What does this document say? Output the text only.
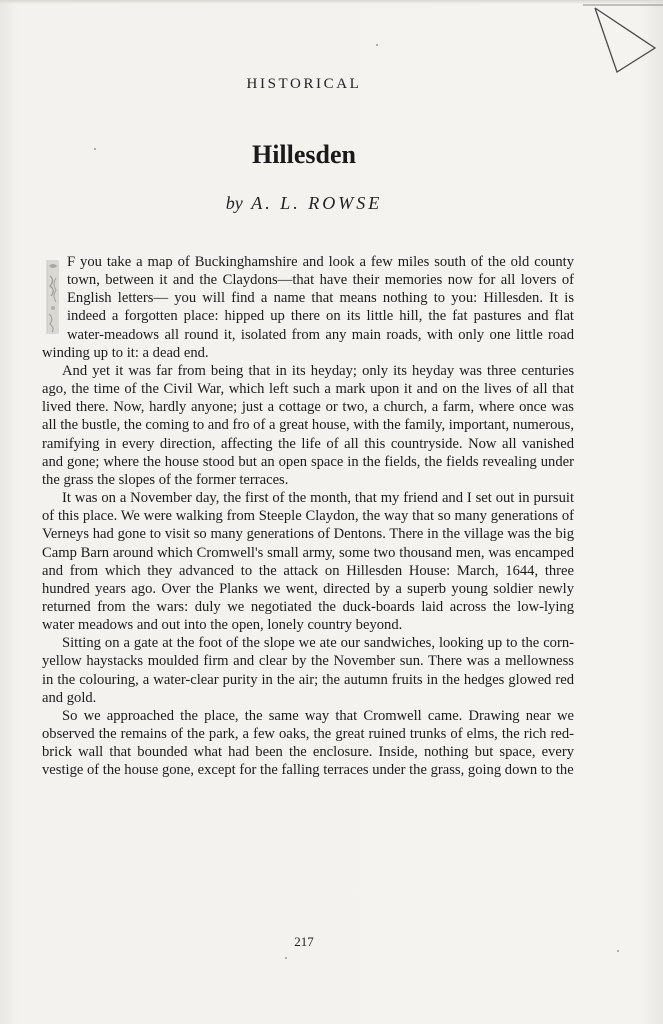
HISTORICAL
Hillesden
by A. L. ROWSE

F you take a map of Buckinghamshire and look a few miles south of the old county town, between it and the Claydons—that have their memories now for all lovers of English letters— you will find a name that means nothing to you: Hillesden. It is indeed a forgotten place: hipped up there on its little hill, the fat pastures and flat water-meadows all round it, isolated from any main roads, with only one little road winding up to it: a dead end.

And yet it was far from being that in its heyday; only its heyday was three centuries ago, the time of the Civil War, which left such a mark upon it and on the lives of all that lived there. Now, hardly anyone; just a cottage or two, a church, a farm, where once was all the bustle, the coming to and fro of a great house, with the family, important, numerous, ramifying in every direction, affecting the life of all this countryside. Now all vanished and gone; where the house stood but an open space in the fields, the fields revealing under the grass the slopes of the former terraces.

It was on a November day, the first of the month, that my friend and I set out in pursuit of this place. We were walking from Steeple Claydon, the way that so many generations of Verneys had gone to visit so many generations of Dentons. There in the village was the big Camp Barn around which Cromwell's small army, some two thousand men, was encamped and from which they advanced to the attack on Hillesden House: March, 1644, three hundred years ago. Over the Planks we went, directed by a superb young soldier newly returned from the wars: duly we negotiated the duck-boards laid across the low-lying water meadows and out into the open, lonely country beyond.

Sitting on a gate at the foot of the slope we ate our sandwiches, looking up to the corn-yellow haystacks moulded firm and clear by the November sun. There was a mellowness in the colouring, a water-clear purity in the air; the autumn fruits in the hedges glowed red and gold.

So we approached the place, the same way that Cromwell came. Drawing near we observed the remains of the park, a few oaks, the great ruined trunks of elms, the rich red-brick wall that bounded what had been the enclosure. Inside, nothing but space, every vestige of the house gone, except for the falling terraces under the grass, going down to the

217
